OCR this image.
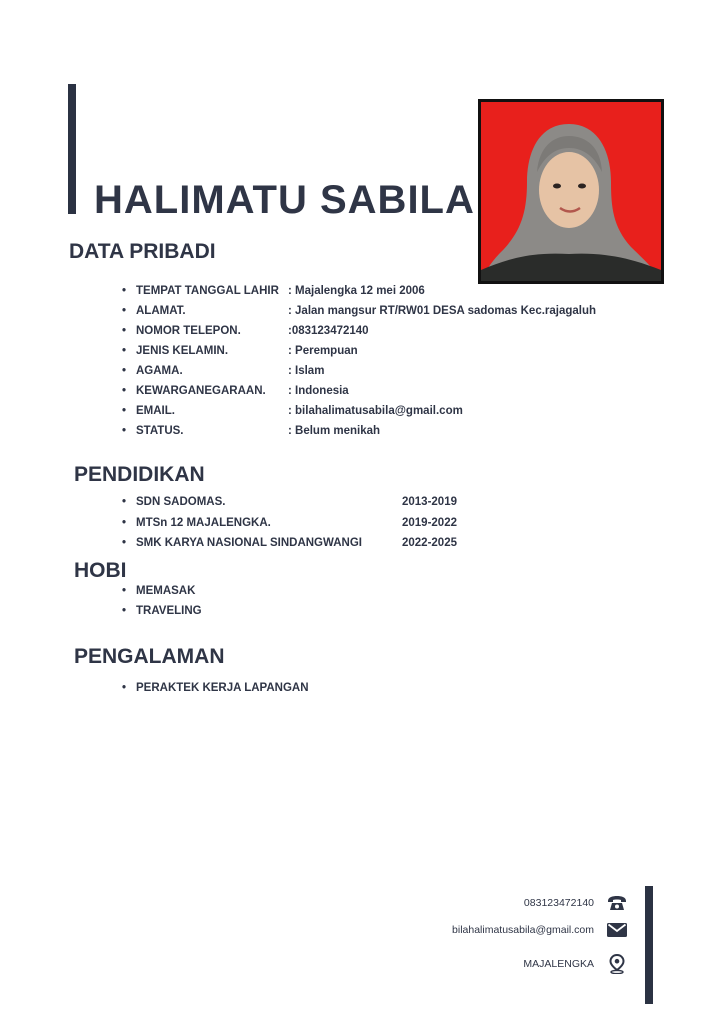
HALIMATU SABILA
DATA PRIBADI
• TEMPAT TANGGAL LAHIR : Majalengka 12 mei 2006
• ALAMAT.	: Jalan mangsur RT/RW01 DESA sadomas Kec.rajagaluh
• NOMOR TELEPON.	:083123472140
• JENIS KELAMIN.	: Perempuan
• AGAMA.	: Islam
• KEWARGANEGARAAN. : Indonesia
• EMAIL.	: bilahalimatusabila@gmail.com
• STATUS.	: Belum menikah
PENDIDIKAN
• SDN SADOMAS.	2013-2019
• MTSn 12 MAJALENGKA.	2019-2022
• SMK KARYA NASIONAL SINDANGWANGI	2022-2025
HOBI
• MEMASAK
• TRAVELING
PENGALAMAN
• PERAKTEK KERJA LAPANGAN
083123472140
bilahalimatusabila@gmail.com
MAJALENGKA
